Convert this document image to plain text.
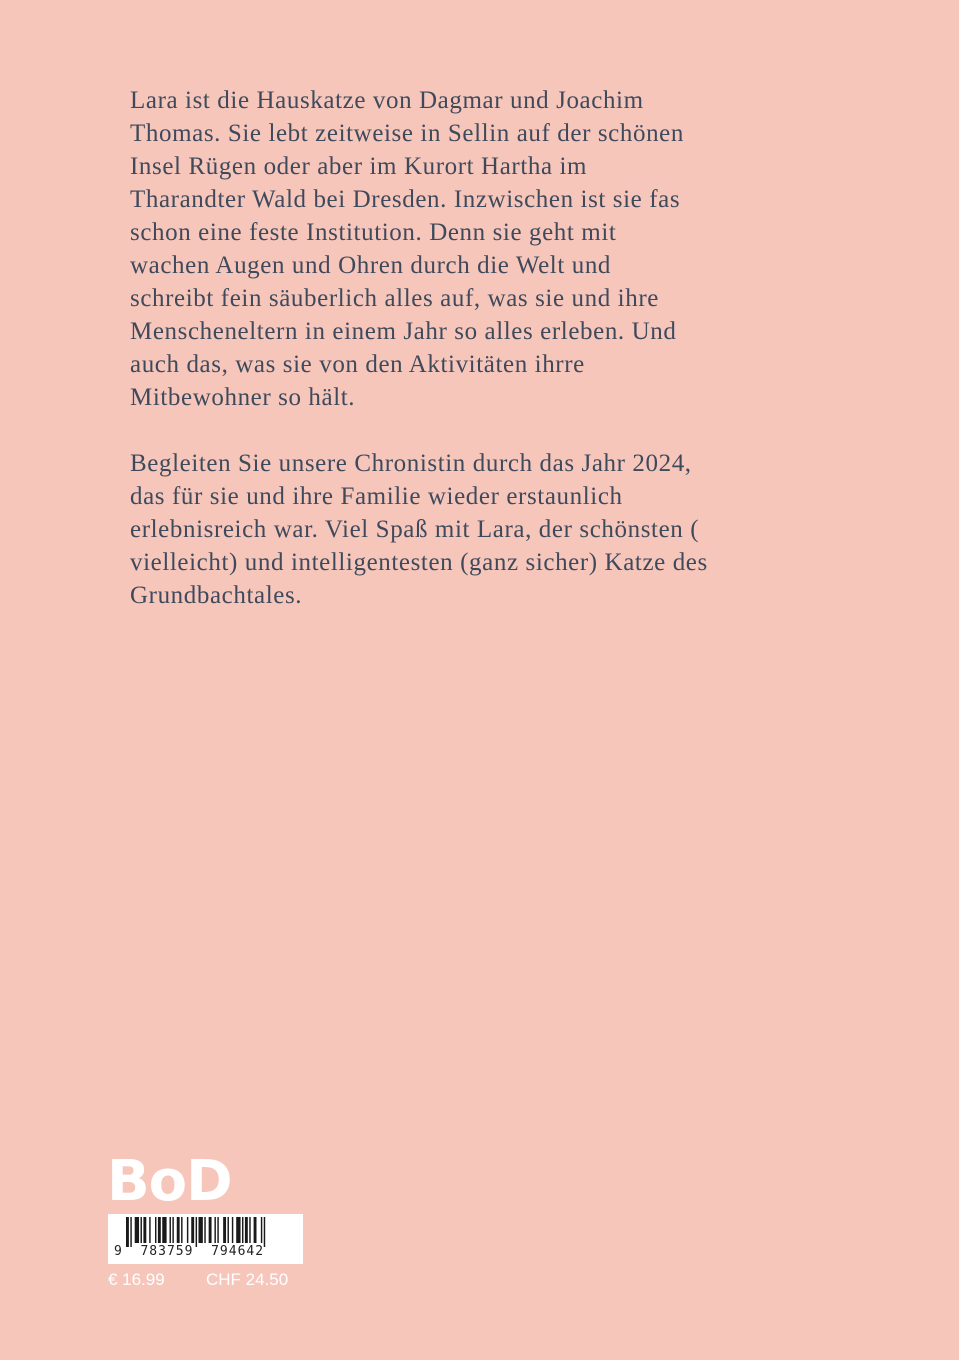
Lara ist die Hauskatze von Dagmar und Joachim
Thomas. Sie lebt zeitweise in Sellin auf der schönen
Insel Rügen oder aber im Kurort Hartha im
Tharandter Wald bei Dresden. Inzwischen ist sie fas
schon eine feste Institution. Denn sie geht mit
wachen Augen und Ohren durch die Welt und
schreibt fein säuberlich alles auf, was sie und ihre
Menscheneltern in einem Jahr so alles erleben. Und
auch das, was sie von den Aktivitäten ihrre
Mitbewohner so hält.

Begleiten Sie unsere Chronistin durch das Jahr 2024,
das für sie und ihre Familie wieder erstaunlich
erlebnisreich war. Viel Spaß mit Lara, der schönsten (
vielleicht) und intelligentesten (ganz sicher) Katze des
Grundbachtales.

BoD
9  783759  794642
€ 16.99 CHF 24.50
